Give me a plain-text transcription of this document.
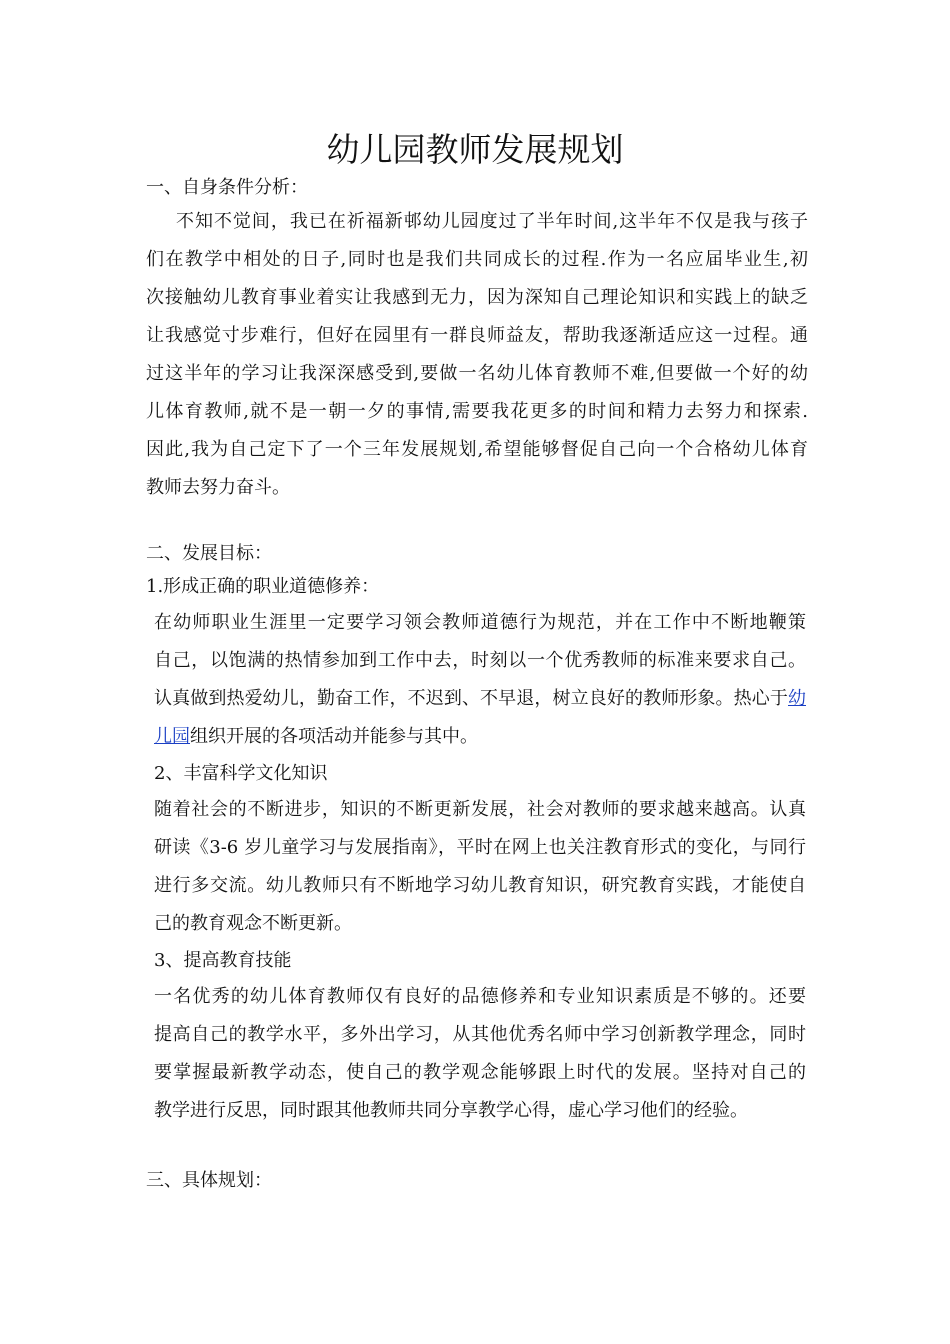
幼儿园教师发展规划
一、自身条件分析：
不知不觉间，我已在祈福新邨幼儿园度过了半年时间,这半年不仅是我与孩子
们在教学中相处的日子,同时也是我们共同成长的过程.作为一名应届毕业生,初
次接触幼儿教育事业着实让我感到无力，因为深知自己理论知识和实践上的缺乏
让我感觉寸步难行，但好在园里有一群良师益友，帮助我逐渐适应这一过程。通
过这半年的学习让我深深感受到,要做一名幼儿体育教师不难,但要做一个好的幼
儿体育教师,就不是一朝一夕的事情,需要我花更多的时间和精力去努力和探索.
因此,我为自己定下了一个三年发展规划,希望能够督促自己向一个合格幼儿体育
教师去努力奋斗。
二、发展目标：
1.形成正确的职业道德修养：
在幼师职业生涯里一定要学习领会教师道德行为规范，并在工作中不断地鞭策
自己，以饱满的热情参加到工作中去，时刻以一个优秀教师的标准来要求自己。
认真做到热爱幼儿，勤奋工作，不迟到、不早退，树立良好的教师形象。热心于幼
儿园组织开展的各项活动并能参与其中。
2、丰富科学文化知识
随着社会的不断进步，知识的不断更新发展，社会对教师的要求越来越高。认真
研读《3-6 岁儿童学习与发展指南》，平时在网上也关注教育形式的变化，与同行
进行多交流。幼儿教师只有不断地学习幼儿教育知识，研究教育实践，才能使自
己的教育观念不断更新。
3、提高教育技能
一名优秀的幼儿体育教师仅有良好的品德修养和专业知识素质是不够的。还要
提高自己的教学水平，多外出学习，从其他优秀名师中学习创新教学理念，同时
要掌握最新教学动态，使自己的教学观念能够跟上时代的发展。坚持对自己的
教学进行反思，同时跟其他教师共同分享教学心得，虚心学习他们的经验。
三、具体规划：
